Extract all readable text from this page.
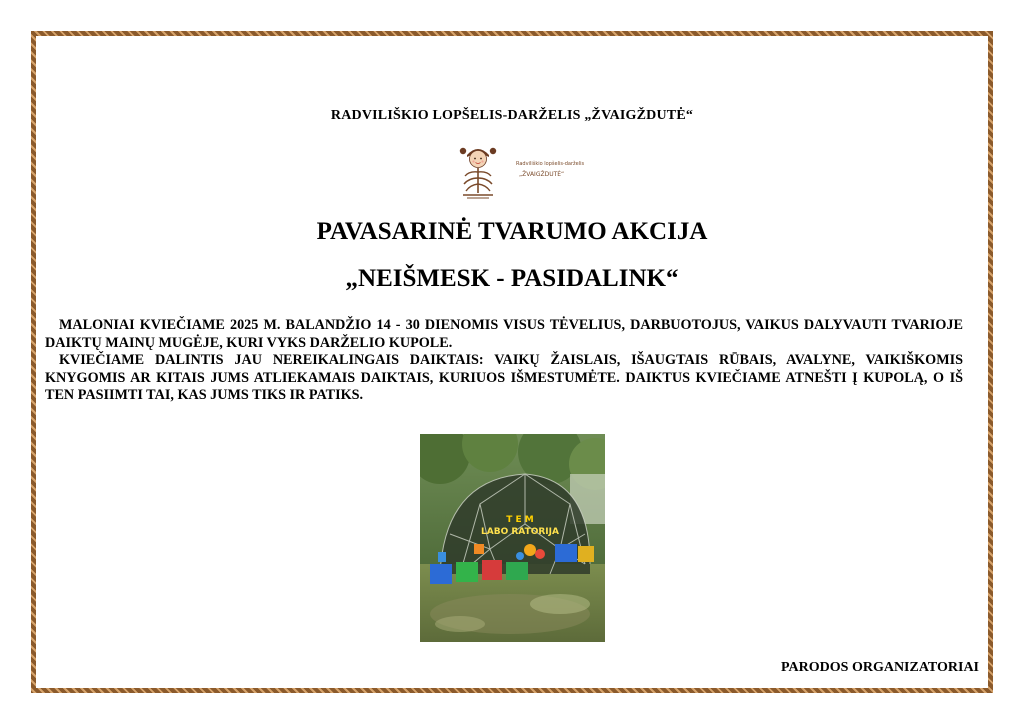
RADVILIŠKIO LOPŠELIS-DARŽELIS „ŽVAIGŽDUTĖ“
Radviliškio lopšelis-darželis
„ŽVAIGŽDUTĖ“
PAVASARINĖ TVARUMO AKCIJA
„NEIŠMESK - PASIDALINK“

MALONIAI KVIEČIAME 2025 M. BALANDŽIO 14 - 30 DIENOMIS VISUS TĖVELIUS, DARBUOTOJUS, VAIKUS DALYVAUTI TVARIOJE DAIKTŲ MAINŲ MUGĖJE, KURI VYKS DARŽELIO KUPOLE.

KVIEČIAME DALINTIS JAU NEREIKALINGAIS DAIKTAIS: VAIKŲ ŽAISLAIS, IŠAUGTAIS RŪBAIS, AVALYNE, VAIKIŠKOMIS KNYGOMIS AR KITAIS JUMS ATLIEKAMAIS DAIKTAIS, KURIUOS IŠMESTUMĖTE. DAIKTUS KVIEČIAME ATNEŠTI Į KUPOLĄ, O IŠ TEN PASIIMTI TAI, KAS JUMS TIKS IR PATIKS.

T E M
LABO RATORIJA
PARODOS ORGANIZATORIAI
